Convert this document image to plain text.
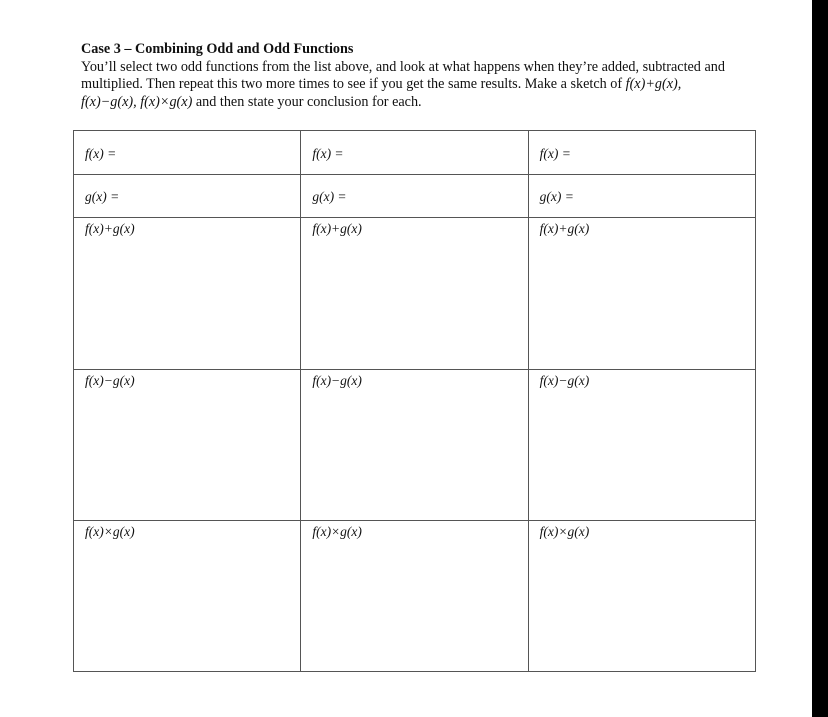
Case 3 – Combining Odd and Odd Functions
You’ll select two odd functions from the list above, and look at what happens when they’re added, subtracted and multiplied. Then repeat this two more times to see if you get the same results. Make a sketch of f(x)+g(x),
f(x)−g(x), f(x)×g(x) and then state your conclusion for each.
f(x) =	f(x) =	f(x) =
g(x) =	g(x) =	g(x) =
f(x)+g(x)	f(x)+g(x)	f(x)+g(x)
f(x)−g(x)	f(x)−g(x)	f(x)−g(x)
f(x)×g(x)	f(x)×g(x)	f(x)×g(x)
